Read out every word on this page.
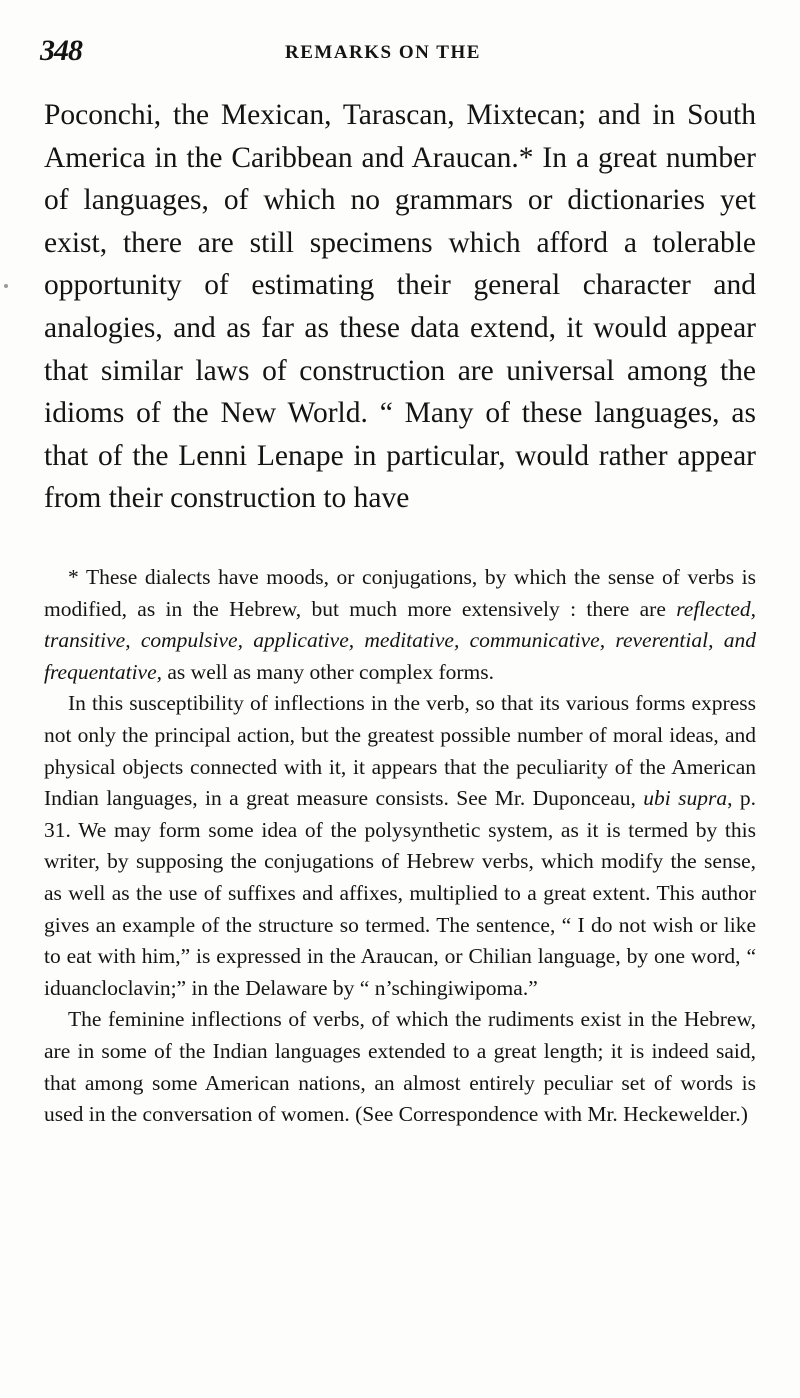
348	REMARKS ON THE

Poconchi, the Mexican, Tarascan, Mixtecan; and in South America in the Caribbean and Araucan.* In a great number of languages, of which no grammars or dictionaries yet exist, there are still specimens which afford a tolerable opportunity of estimating their general character and analogies, and as far as these data extend, it would appear that similar laws of construction are universal among the idioms of the New World. “ Many of these languages, as that of the Lenni Lenape in particular, would rather appear from their construction to have

* These dialects have moods, or conjugations, by which the sense of verbs is modified, as in the Hebrew, but much more extensively : there are reflected, transitive, compulsive, applicative, meditative, communicative, reverential, and frequentative, as well as many other complex forms.

In this susceptibility of inflections in the verb, so that its various forms express not only the principal action, but the greatest possible number of moral ideas, and physical objects connected with it, it appears that the peculiarity of the American Indian languages, in a great measure consists. See Mr. Duponceau, ubi supra, p. 31. We may form some idea of the polysynthetic system, as it is termed by this writer, by supposing the conjugations of Hebrew verbs, which modify the sense, as well as the use of suffixes and affixes, multiplied to a great extent. This author gives an example of the structure so termed. The sentence, “ I do not wish or like to eat with him,” is expressed in the Araucan, or Chilian language, by one word, “ iduancloclavin;” in the Delaware by “ n’schingiwipoma.”

The feminine inflections of verbs, of which the rudiments exist in the Hebrew, are in some of the Indian languages extended to a great length; it is indeed said, that among some American nations, an almost entirely peculiar set of words is used in the conversation of women. (See Correspondence with Mr. Heckewelder.)
